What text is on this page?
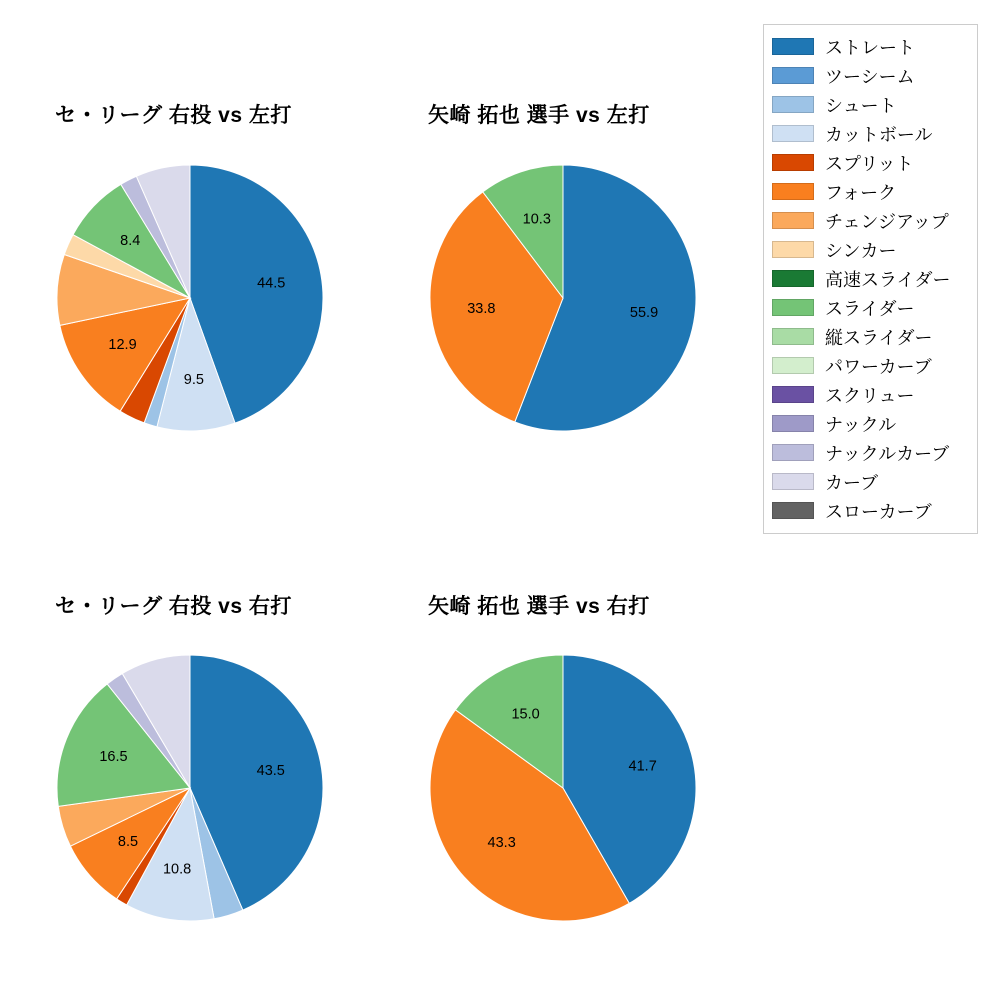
セ・リーグ 右投 vs 左打
44.5
9.5
12.9
8.4
矢崎 拓也 選手 vs 左打
55.9
33.8
10.3
セ・リーグ 右投 vs 右打
43.5
10.8
8.5
16.5
矢崎 拓也 選手 vs 右打
41.7
43.3
15.0
ストレート
ツーシーム
シュート
カットボール
スプリット
フォーク
チェンジアップ
シンカー
高速スライダー
スライダー
縦スライダー
パワーカーブ
スクリュー
ナックル
ナックルカーブ
カーブ
スローカーブ
